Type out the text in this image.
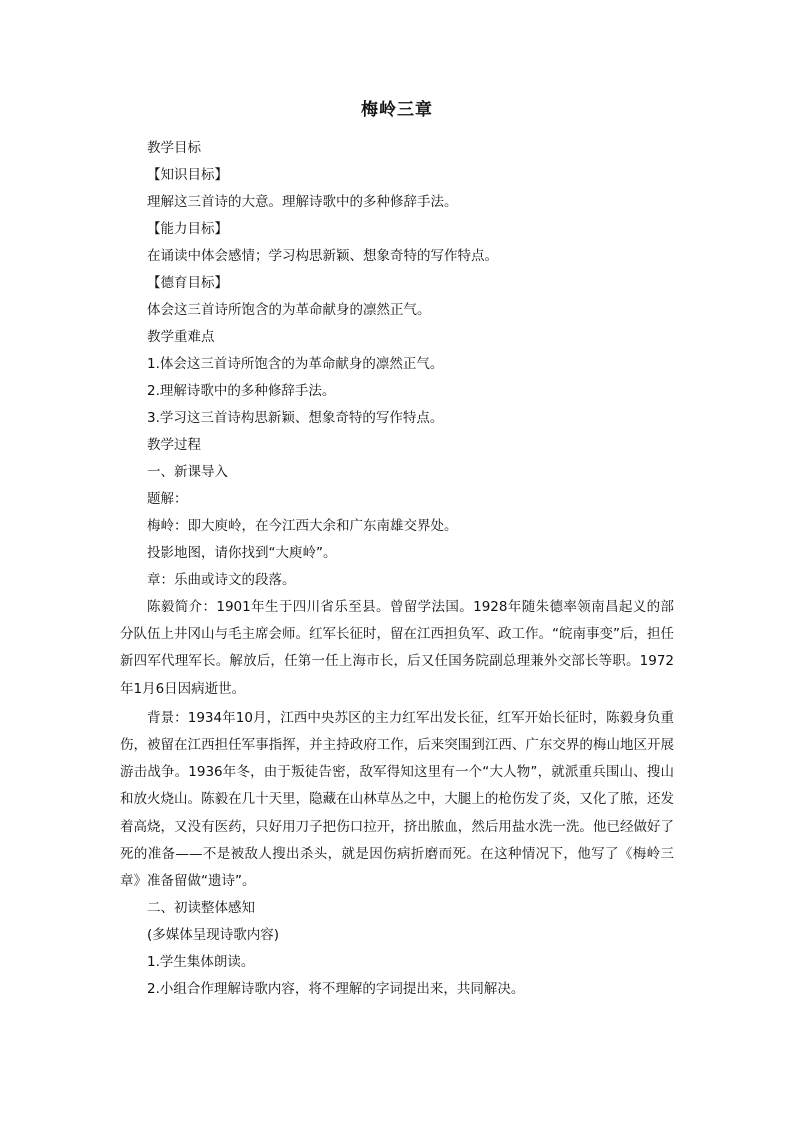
梅岭三章

教学目标

【知识目标】

理解这三首诗的大意。理解诗歌中的多种修辞手法。

【能力目标】

在诵读中体会感情；学习构思新颖、想象奇特的写作特点。

【德育目标】

体会这三首诗所饱含的为革命献身的凛然正气。

教学重难点

1.体会这三首诗所饱含的为革命献身的凛然正气。

2.理解诗歌中的多种修辞手法。

3.学习这三首诗构思新颖、想象奇特的写作特点。

教学过程

一、新课导入

题解：

梅岭：即大庾岭，在今江西大余和广东南雄交界处。

投影地图，请你找到“大庾岭”。

章：乐曲或诗文的段落。

陈毅简介：1901年生于四川省乐至县。曾留学法国。1928年随朱德率领南昌起义的部分队伍上井冈山与毛主席会师。红军长征时，留在江西担负军、政工作。“皖南事变”后，担任新四军代理军长。解放后，任第一任上海市长，后又任国务院副总理兼外交部长等职。1972年1月6日因病逝世。

背景：1934年10月，江西中央苏区的主力红军出发长征，红军开始长征时，陈毅身负重伤，被留在江西担任军事指挥，并主持政府工作，后来突围到江西、广东交界的梅山地区开展游击战争。1936年冬，由于叛徒告密，敌军得知这里有一个“大人物”，就派重兵围山、搜山和放火烧山。陈毅在几十天里，隐藏在山林草丛之中，大腿上的枪伤发了炎，又化了脓，还发着高烧，又没有医药，只好用刀子把伤口拉开，挤出脓血，然后用盐水洗一洗。他已经做好了死的准备——不是被敌人搜出杀头，就是因伤病折磨而死。在这种情况下，他写了《梅岭三章》准备留做“遗诗”。

二、初读整体感知

(多媒体呈现诗歌内容)

1.学生集体朗读。

2.小组合作理解诗歌内容，将不理解的字词提出来，共同解决。
